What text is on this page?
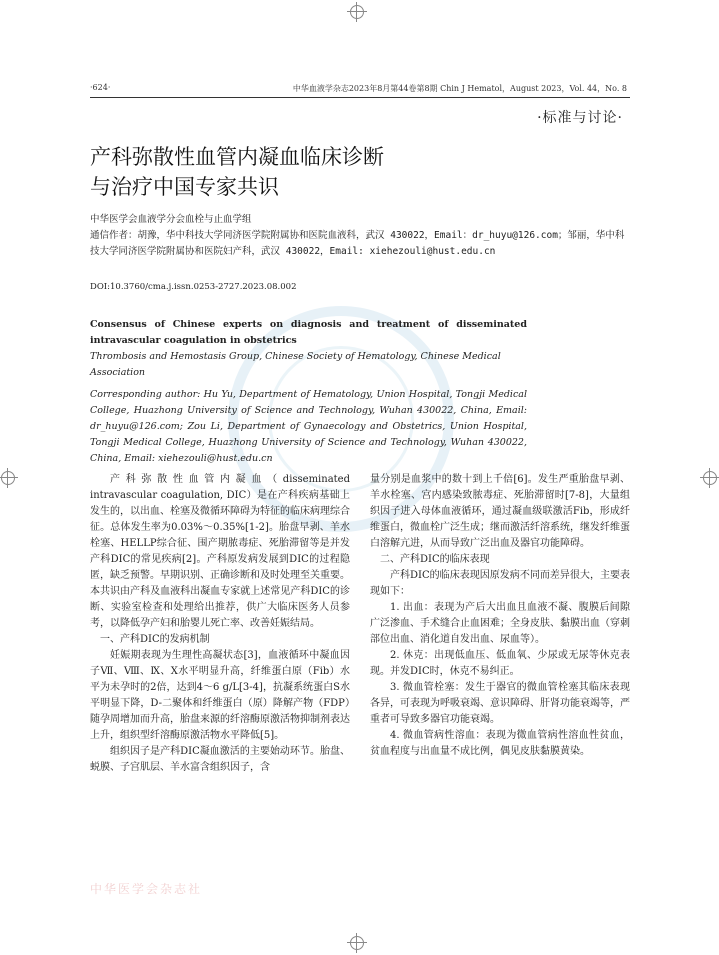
·624·	中华血液学杂志2023年8月第44卷第8期 Chin J Hematol，August 2023，Vol. 44，No. 8
·标准与讨论·
产科弥散性血管内凝血临床诊断
与治疗中国专家共识
中华医学会血液学分会血栓与止血学组
通信作者：胡豫，华中科技大学同济医学院附属协和医院血液科，武汉 430022，Email：dr_huyu@126.com；邹丽，华中科技大学同济医学院附属协和医院妇产科，武汉 430022，Email: xiehezouli@hust.edu.cn
DOI:10.3760/cma.j.issn.0253-2727.2023.08.002
Consensus of Chinese experts on diagnosis and treatment of disseminated intravascular coagulation in obstetrics
Thrombosis and Hemostasis Group, Chinese Society of Hematology, Chinese Medical Association
Corresponding author: Hu Yu, Department of Hematology, Union Hospital, Tongji Medical College, Huazhong University of Science and Technology, Wuhan 430022, China, Email: dr_huyu@126.com; Zou Li, Department of Gynaecology and Obstetrics, Union Hospital, Tongji Medical College, Huazhong University of Science and Technology, Wuhan 430022, China, Email: xiehezouli@hust.edu.cn

产科弥散性血管内凝血（disseminated intravascular coagulation, DIC）是在产科疾病基础上发生的，以出血、栓塞及微循环障碍为特征的临床病理综合征。总体发生率为0.03%～0.35%[1-2]。胎盘早剥、羊水栓塞、HELLP综合征、围产期脓毒症、死胎滞留等是并发产科DIC的常见疾病[2]。产科原发病发展到DIC的过程隐匿，缺乏预警。早期识别、正确诊断和及时处理至关重要。本共识由产科及血液科出凝血专家就上述常见产科DIC的诊断、实验室检查和处理给出推荐，供广大临床医务人员参考，以降低孕产妇和胎婴儿死亡率、改善妊娠结局。

一、产科DIC的发病机制

妊娠期表现为生理性高凝状态[3]，血液循环中凝血因子Ⅶ、Ⅷ、Ⅸ、Ⅹ水平明显升高，纤维蛋白原（Fib）水平为未孕时的2倍，达到4～6 g/L[3-4]，抗凝系统蛋白S水平明显下降，D-二聚体和纤维蛋白（原）降解产物（FDP）随孕周增加而升高，胎盘来源的纤溶酶原激活物抑制剂表达上升，组织型纤溶酶原激活物水平降低[5]。

组织因子是产科DIC凝血激活的主要始动环节。胎盘、蜕膜、子宫肌层、羊水富含组织因子，含

量分别是血浆中的数十到上千倍[6]。发生严重胎盘早剥、羊水栓塞、宫内感染致脓毒症、死胎滞留时[7-8]，大量组织因子进入母体血液循环，通过凝血级联激活Fib，形成纤维蛋白，微血栓广泛生成；继而激活纤溶系统，继发纤维蛋白溶解亢进，从而导致广泛出血及器官功能障碍。

二、产科DIC的临床表现

产科DIC的临床表现因原发病不同而差异很大，主要表现如下：

1. 出血：表现为产后大出血且血液不凝、腹膜后间隙广泛渗血、手术缝合止血困难；全身皮肤、黏膜出血（穿刺部位出血、消化道自发出血、尿血等）。

2. 休克：出现低血压、低血氧、少尿或无尿等休克表现。并发DIC时，休克不易纠正。

3. 微血管栓塞：发生于器官的微血管栓塞其临床表现各异，可表现为呼吸衰竭、意识障碍、肝肾功能衰竭等，严重者可导致多器官功能衰竭。

4. 微血管病性溶血：表现为微血管病性溶血性贫血，贫血程度与出血量不成比例，偶见皮肤黏膜黄染。

中华医学会杂志社
